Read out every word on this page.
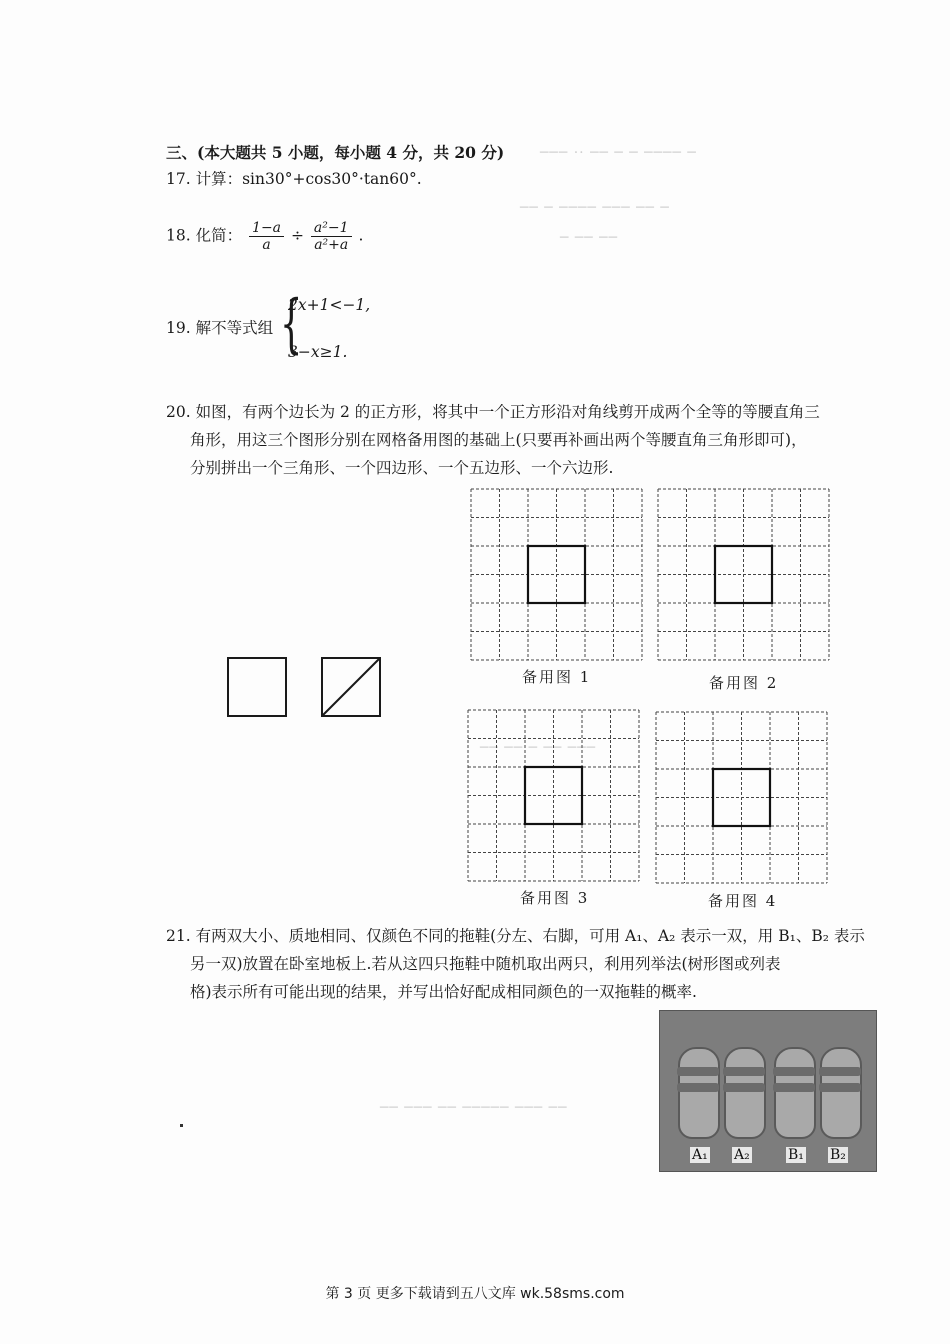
─── ·· ── ─ ─ ──── ─
── ─ ──── ─── ── ─
─ ── ──
── ── ─ ── ───
── ─── ── ───── ─── ──
三、(本大题共 5 小题，每小题 4 分，共 20 分)
17. 计算：sin30°+cos30°·tan60°.
18. 化简： $\frac{1-a}{a} \div \frac{\text{a²−1}}{\text{a²+a}}$ .
19. 解不等式组 {
2x+1<−1,
3−x≥1.
20. 如图，有两个边长为 2 的正方形，将其中一个正方形沿对角线剪开成两个全等的等腰直角三
角形，用这三个图形分别在网格备用图的基础上(只要再补画出两个等腰直角三角形即可)，
分别拼出一个三角形、一个四边形、一个五边形、一个六边形.
备用图 1	备用图 2
备用图 3	备用图 4
21. 有两双大小、质地相同、仅颜色不同的拖鞋(分左、右脚，可用 A₁、A₂ 表示一双，用 B₁、B₂ 表示
另一双)放置在卧室地板上.若从这四只拖鞋中随机取出两只，利用列举法(树形图或列表
格)表示所有可能出现的结果，并写出恰好配成相同颜色的一双拖鞋的概率.
A₁ A₂	B₁ B₂
第 3 页 更多下载请到五八文库 wk.58sms.com
